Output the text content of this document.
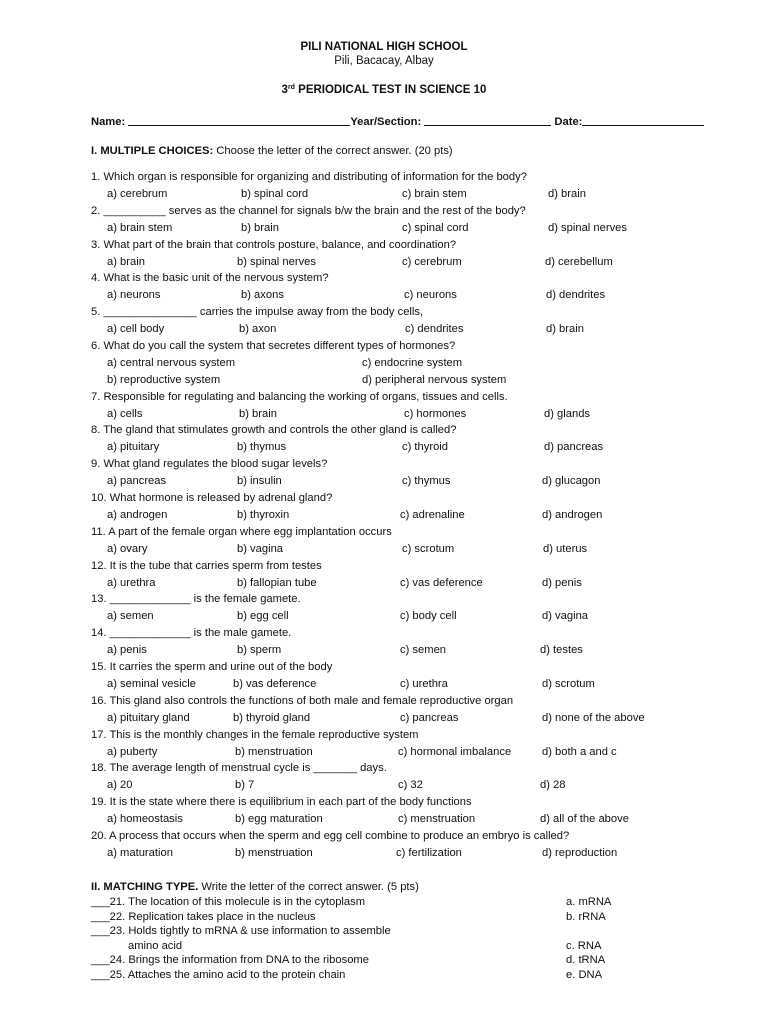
PILI NATIONAL HIGH SCHOOL
Pili, Bacacay, Albay
3rd PERIODICAL TEST IN SCIENCE 10
Name:	Year/Section:	Date:
I. MULTIPLE CHOICES: Choose the letter of the correct answer. (20 pts)
1. Which organ is responsible for organizing and distributing of information for the body?
a) cerebrum	b) spinal cord	c) brain stem	d) brain
2. __________ serves as the channel for signals b/w the brain and the rest of the body?
a) brain stem	b) brain	c) spinal cord	d) spinal nerves
3. What part of the brain that controls posture, balance, and coordination?
a) brain	b) spinal nerves	c) cerebrum	d) cerebellum
4. What is the basic unit of the nervous system?
a) neurons	b) axons	c) neurons	d) dendrites
5. _______________ carries the impulse away from the body cells,
a) cell body	b) axon	c) dendrites	d) brain
6. What do you call the system that secretes different types of hormones?
a) central nervous system	c) endocrine system
b) reproductive system	d) peripheral nervous system
7. Responsible for regulating and balancing the working of organs, tissues and cells.
a) cells	b) brain	c) hormones	d) glands
8. The gland that stimulates growth and controls the other gland is called?
a) pituitary	b) thymus	c) thyroid	d) pancreas
9. What gland regulates the blood sugar levels?
a) pancreas	b) insulin	c) thymus	d) glucagon
10. What hormone is released by adrenal gland?
a) androgen	b) thyroxin	c) adrenaline	d) androgen
11. A part of the female organ where egg implantation occurs
a) ovary	b) vagina	c) scrotum	d) uterus
12. It is the tube that carries sperm from testes
a) urethra	b) fallopian tube	c) vas deference	d) penis
13. _____________ is the female gamete.
a) semen	b) egg cell	c) body cell	d) vagina
14. _____________ is the male gamete.
a) penis	b) sperm	c) semen	d) testes
15. It carries the sperm and urine out of the body
a) seminal vesicle	b) vas deference	c) urethra	d) scrotum
16. This gland also controls the functions of both male and female reproductive organ
a) pituitary gland	b) thyroid gland	c) pancreas	d) none of the above
17. This is the monthly changes in the female reproductive system
a) puberty	b) menstruation	c) hormonal imbalance	d) both a and c
18. The average length of menstrual cycle is _______ days.
a) 20	b) 7	c) 32	d) 28
19. It is the state where there is equilibrium in each part of the body functions
a) homeostasis	b) egg maturation	c) menstruation	d) all of the above
20. A process that occurs when the sperm and egg cell combine to produce an embryo is called?
a) maturation	b) menstruation	c) fertilization	d) reproduction
II. MATCHING TYPE. Write the letter of the correct answer. (5 pts)
___21. The location of this molecule is in the cytoplasm	a. mRNA
___22. Replication takes place in the nucleus	b. rRNA
___23. Holds tightly to mRNA & use information to assemble
amino acid	c. RNA
___24. Brings the information from DNA to the ribosome	d. tRNA
___25. Attaches the amino acid to the protein chain	e. DNA
